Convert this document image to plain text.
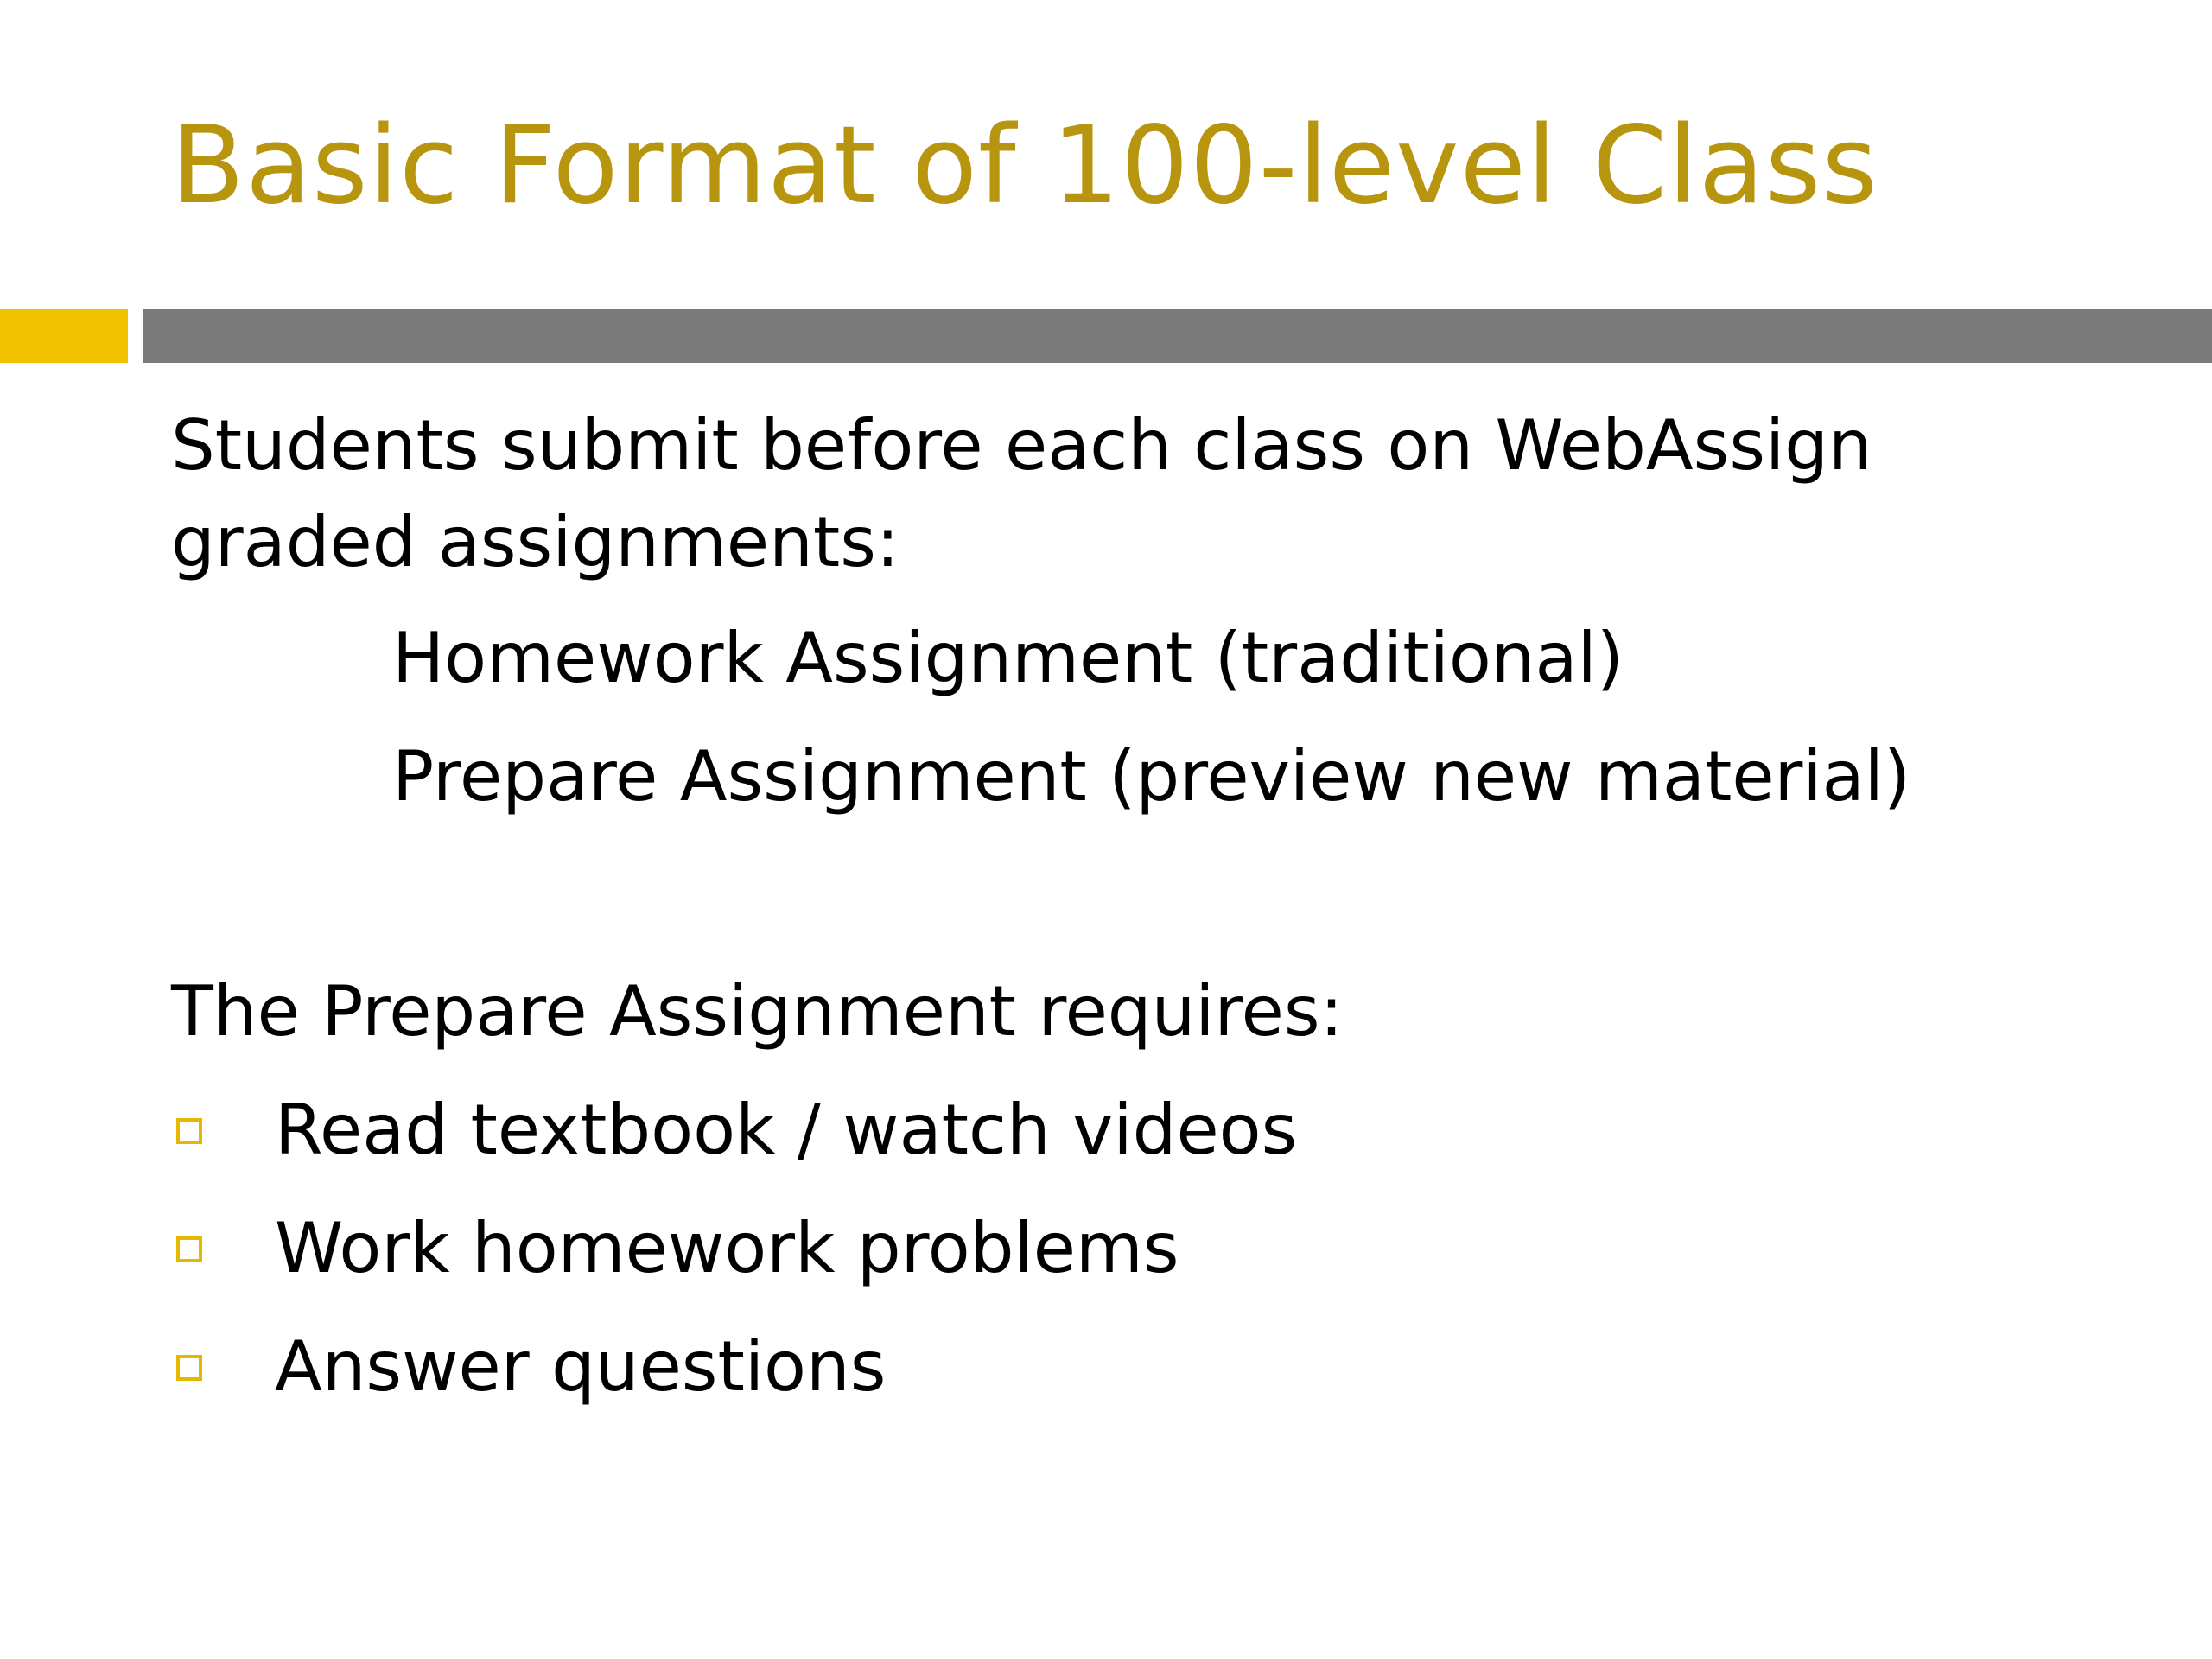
Basic Format of 100-level Class

Students submit before each class on WebAssign graded assignments:

Homework Assignment (traditional)

Prepare Assignment (preview new material)

The Prepare Assignment requires:

Read textbook / watch videos
Work homework problems
Answer questions
